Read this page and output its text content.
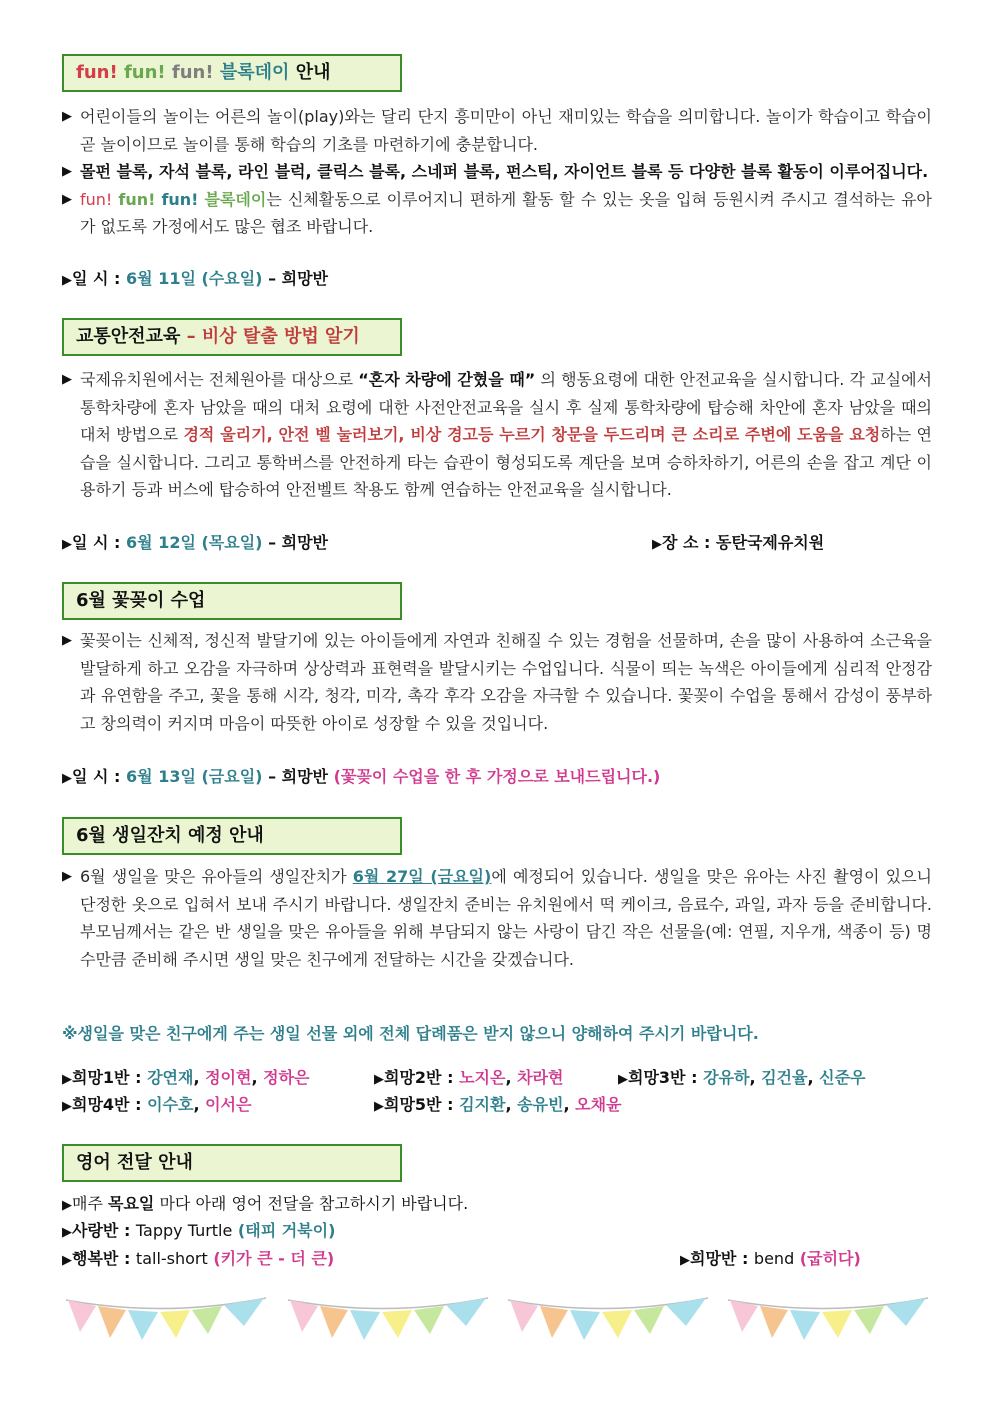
fun! fun! fun! 블록데이 안내

▶ 어린이들의 놀이는 어른의 놀이(play)와는 달리 단지 흥미만이 아닌 재미있는 학습을 의미합니다. 놀이가 학습이고 학습이 곧 놀이이므로 놀이를 통해 학습의 기초를 마련하기에 충분합니다.

▶ 몰펀 블록, 자석 블록, 라인 블럭, 클릭스 블록, 스네퍼 블록, 펀스틱, 자이언트 블록 등 다양한 블록 활동이 이루어집니다.

▶ fun! fun! fun! 블록데이는 신체활동으로 이루어지니 편하게 활동 할 수 있는 옷을 입혀 등원시켜 주시고 결석하는 유아가 없도록 가정에서도 많은 협조 바랍니다.

▶일 시 : 6월 11일 (수요일) – 희망반
교통안전교육 – 비상 탈출 방법 알기

▶ 국제유치원에서는 전체원아를 대상으로 “혼자 차량에 갇혔을 때” 의 행동요령에 대한 안전교육을 실시합니다. 각 교실에서 통학차량에 혼자 남았을 때의 대처 요령에 대한 사전안전교육을 실시 후 실제 통학차량에 탑승해 차안에 혼자 남았을 때의 대처 방법으로 경적 울리기, 안전 벨 눌러보기, 비상 경고등 누르기 창문을 두드리며 큰 소리로 주변에 도움을 요청하는 연습을 실시합니다. 그리고 통학버스를 안전하게 타는 습관이 형성되도록 계단을 보며 승하차하기, 어른의 손을 잡고 계단 이용하기 등과 버스에 탑승하여 안전벨트 착용도 함께 연습하는 안전교육을 실시합니다.

▶일 시 : 6월 12일 (목요일) – 희망반	▶장 소 : 동탄국제유치원
6월 꽃꽂이 수업

▶ 꽃꽂이는 신체적, 정신적 발달기에 있는 아이들에게 자연과 친해질 수 있는 경험을 선물하며, 손을 많이 사용하여 소근육을 발달하게 하고 오감을 자극하며 상상력과 표현력을 발달시키는 수업입니다. 식물이 띄는 녹색은 아이들에게 심리적 안정감과 유연함을 주고, 꽃을 통해 시각, 청각, 미각, 촉각 후각 오감을 자극할 수 있습니다. 꽃꽂이 수업을 통해서 감성이 풍부하고 창의력이 커지며 마음이 따뜻한 아이로 성장할 수 있을 것입니다.

▶일 시 : 6월 13일 (금요일) – 희망반 (꽃꽂이 수업을 한 후 가정으로 보내드립니다.)
6월 생일잔치 예정 안내

▶ 6월 생일을 맞은 유아들의 생일잔치가 6월 27일 (금요일)에 예정되어 있습니다. 생일을 맞은 유아는 사진 촬영이 있으니 단정한 옷으로 입혀서 보내 주시기 바랍니다. 생일잔치 준비는 유치원에서 떡 케이크, 음료수, 과일, 과자 등을 준비합니다. 부모님께서는 같은 반 생일을 맞은 유아들을 위해 부담되지 않는 사랑이 담긴 작은 선물을(예: 연필, 지우개, 색종이 등) 명수만큼 준비해 주시면 생일 맞은 친구에게 전달하는 시간을 갖겠습니다.

※생일을 맞은 친구에게 주는 생일 선물 외에 전체 답례품은 받지 않으니 양해하여 주시기 바랍니다.
▶희망1반 : 강연재, 정이현, 정하은	▶희망2반 : 노지온, 차라현	▶희망3반 : 강유하, 김건율, 신준우
▶희망4반 : 이수호, 이서은	▶희망5반 : 김지환, 송유빈, 오채윤
영어 전달 안내
▶매주 목요일 마다 아래 영어 전달을 참고하시기 바랍니다.
▶사랑반 : Tappy Turtle (태피 거북이)
▶행복반 : tall-short (키가 큰 - 더 큰)	▶희망반 : bend (굽히다)
